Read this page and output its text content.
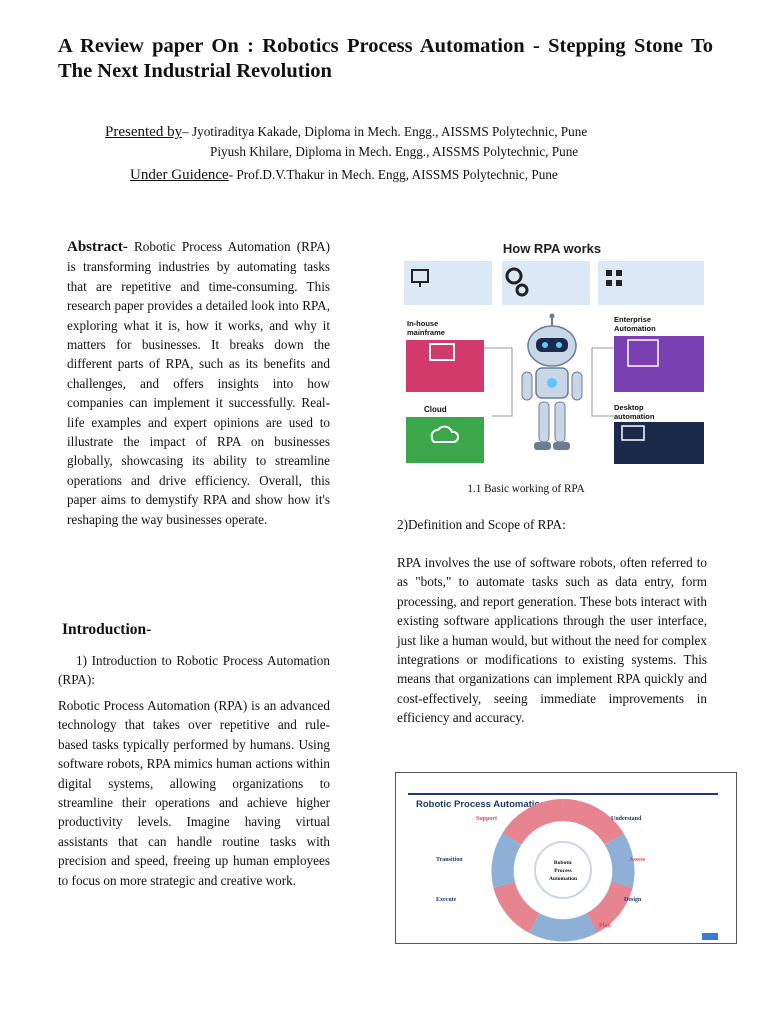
A Review paper On : Robotics Process Automation - Stepping Stone To The Next Industrial Revolution
Presented by– Jyotiraditya Kakade, Diploma in Mech. Engg., AISSMS Polytechnic, Pune
Piyush Khilare, Diploma in Mech. Engg., AISSMS Polytechnic, Pune
Under Guidence- Prof.D.V.Thakur in Mech. Engg, AISSMS Polytechnic, Pune
Abstract- Robotic Process Automation (RPA) is transforming industries by automating tasks that are repetitive and time-consuming. This research paper provides a detailed look into RPA, exploring what it is, how it works, and why it matters for businesses. It breaks down the different parts of RPA, such as its benefits and challenges, and offers insights into how companies can implement it successfully. Real-life examples and expert opinions are used to illustrate the impact of RPA on businesses globally, showcasing its ability to streamline operations and drive efficiency. Overall, this paper aims to demystify RPA and show how it's reshaping the way businesses operate.
Introduction-
1) Introduction to Robotic Process Automation (RPA):
Robotic Process Automation (RPA) is an advanced technology that takes over repetitive and rule-based tasks typically performed by humans. Using software robots, RPA mimics human actions within digital systems, allowing organizations to streamline their operations and achieve higher productivity levels. Imagine having virtual assistants that can handle routine tasks with precision and speed, freeing up human employees to focus on more strategic and creative work.
How RPA works
In-house
mainframe
Cloud
Enterprise
Automation
Desktop
automation
1.1 Basic working of RPA
2)Definition and Scope of RPA:
RPA involves the use of software robots, often referred to as "bots," to automate tasks such as data entry, form processing, and report generation. These bots interact with existing software applications through the user interface, just like a human would, but without the need for complex integrations or modifications to existing systems. This means that organizations can implement RPA quickly and cost-effectively, seeing immediate improvements in efficiency and accuracy.
Robotic Process Automation Cycle
Robotic
Process
Automation
Support	Understand
Transition	Assess
Execute	Design
Plan
